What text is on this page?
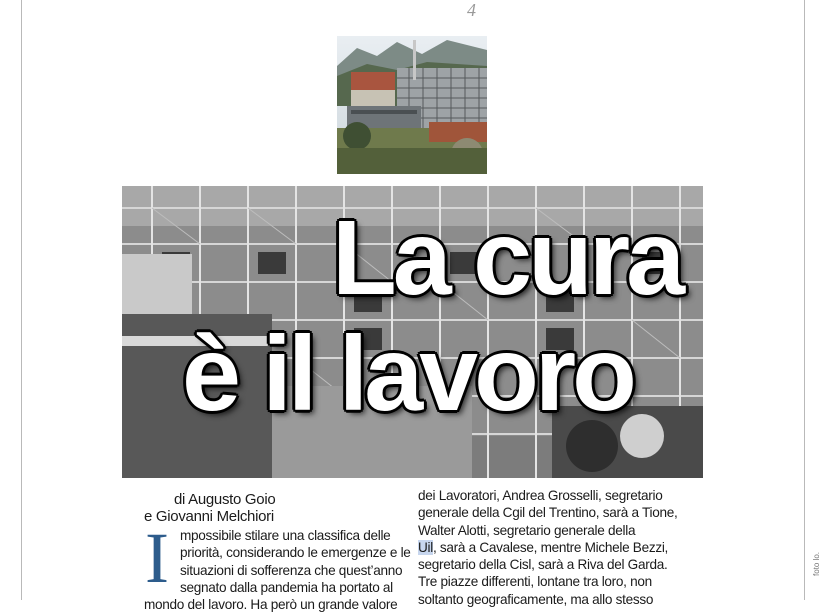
4
La cura
è il lavoro
di Augusto Goio
e Giovanni Melchiori
I mpossibile stilare una classifica delle
priorità, considerando le emergenze e le
situazioni di sofferenza che quest’anno
segnato dalla pandemia ha portato al
mondo del lavoro. Ha però un grande valore
dei Lavoratori, Andrea Grosselli, segretario
generale della Cgil del Trentino, sarà a Tione,
Walter Alotti, segretario generale della
Uil, sarà a Cavalese, mentre Michele Bezzi,
segretario della Cisl, sarà a Riva del Garda.
Tre piazze differenti, lontane tra loro, non
soltanto geograficamente, ma allo stesso
foto lo.
